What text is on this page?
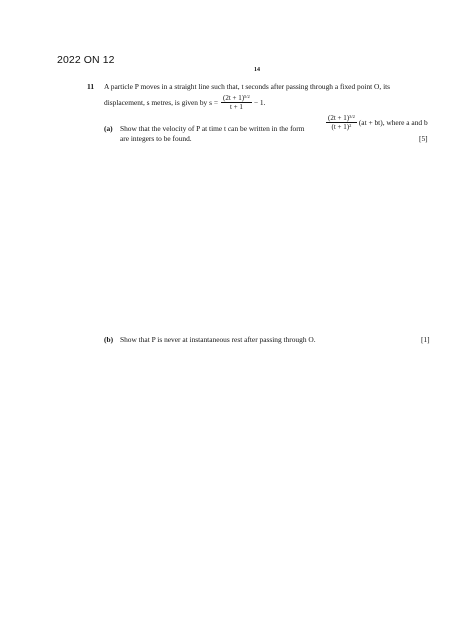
2022 ON 12
14
11 A particle P moves in a straight line such that, t seconds after passing through a fixed point O, its
displacement, s metres, is given by $s = \frac{(2t + 1)^{5/2}}{t + 1} - 1$.
(a) Show that the velocity of P at time t can be written in the form	$\frac{(2t + 1)^{3/2}}{(t + 1)^2} (at + bt)$, where a and b
are integers to be found.	[5]
(b) Show that P is never at instantaneous rest after passing through O.	[1]
